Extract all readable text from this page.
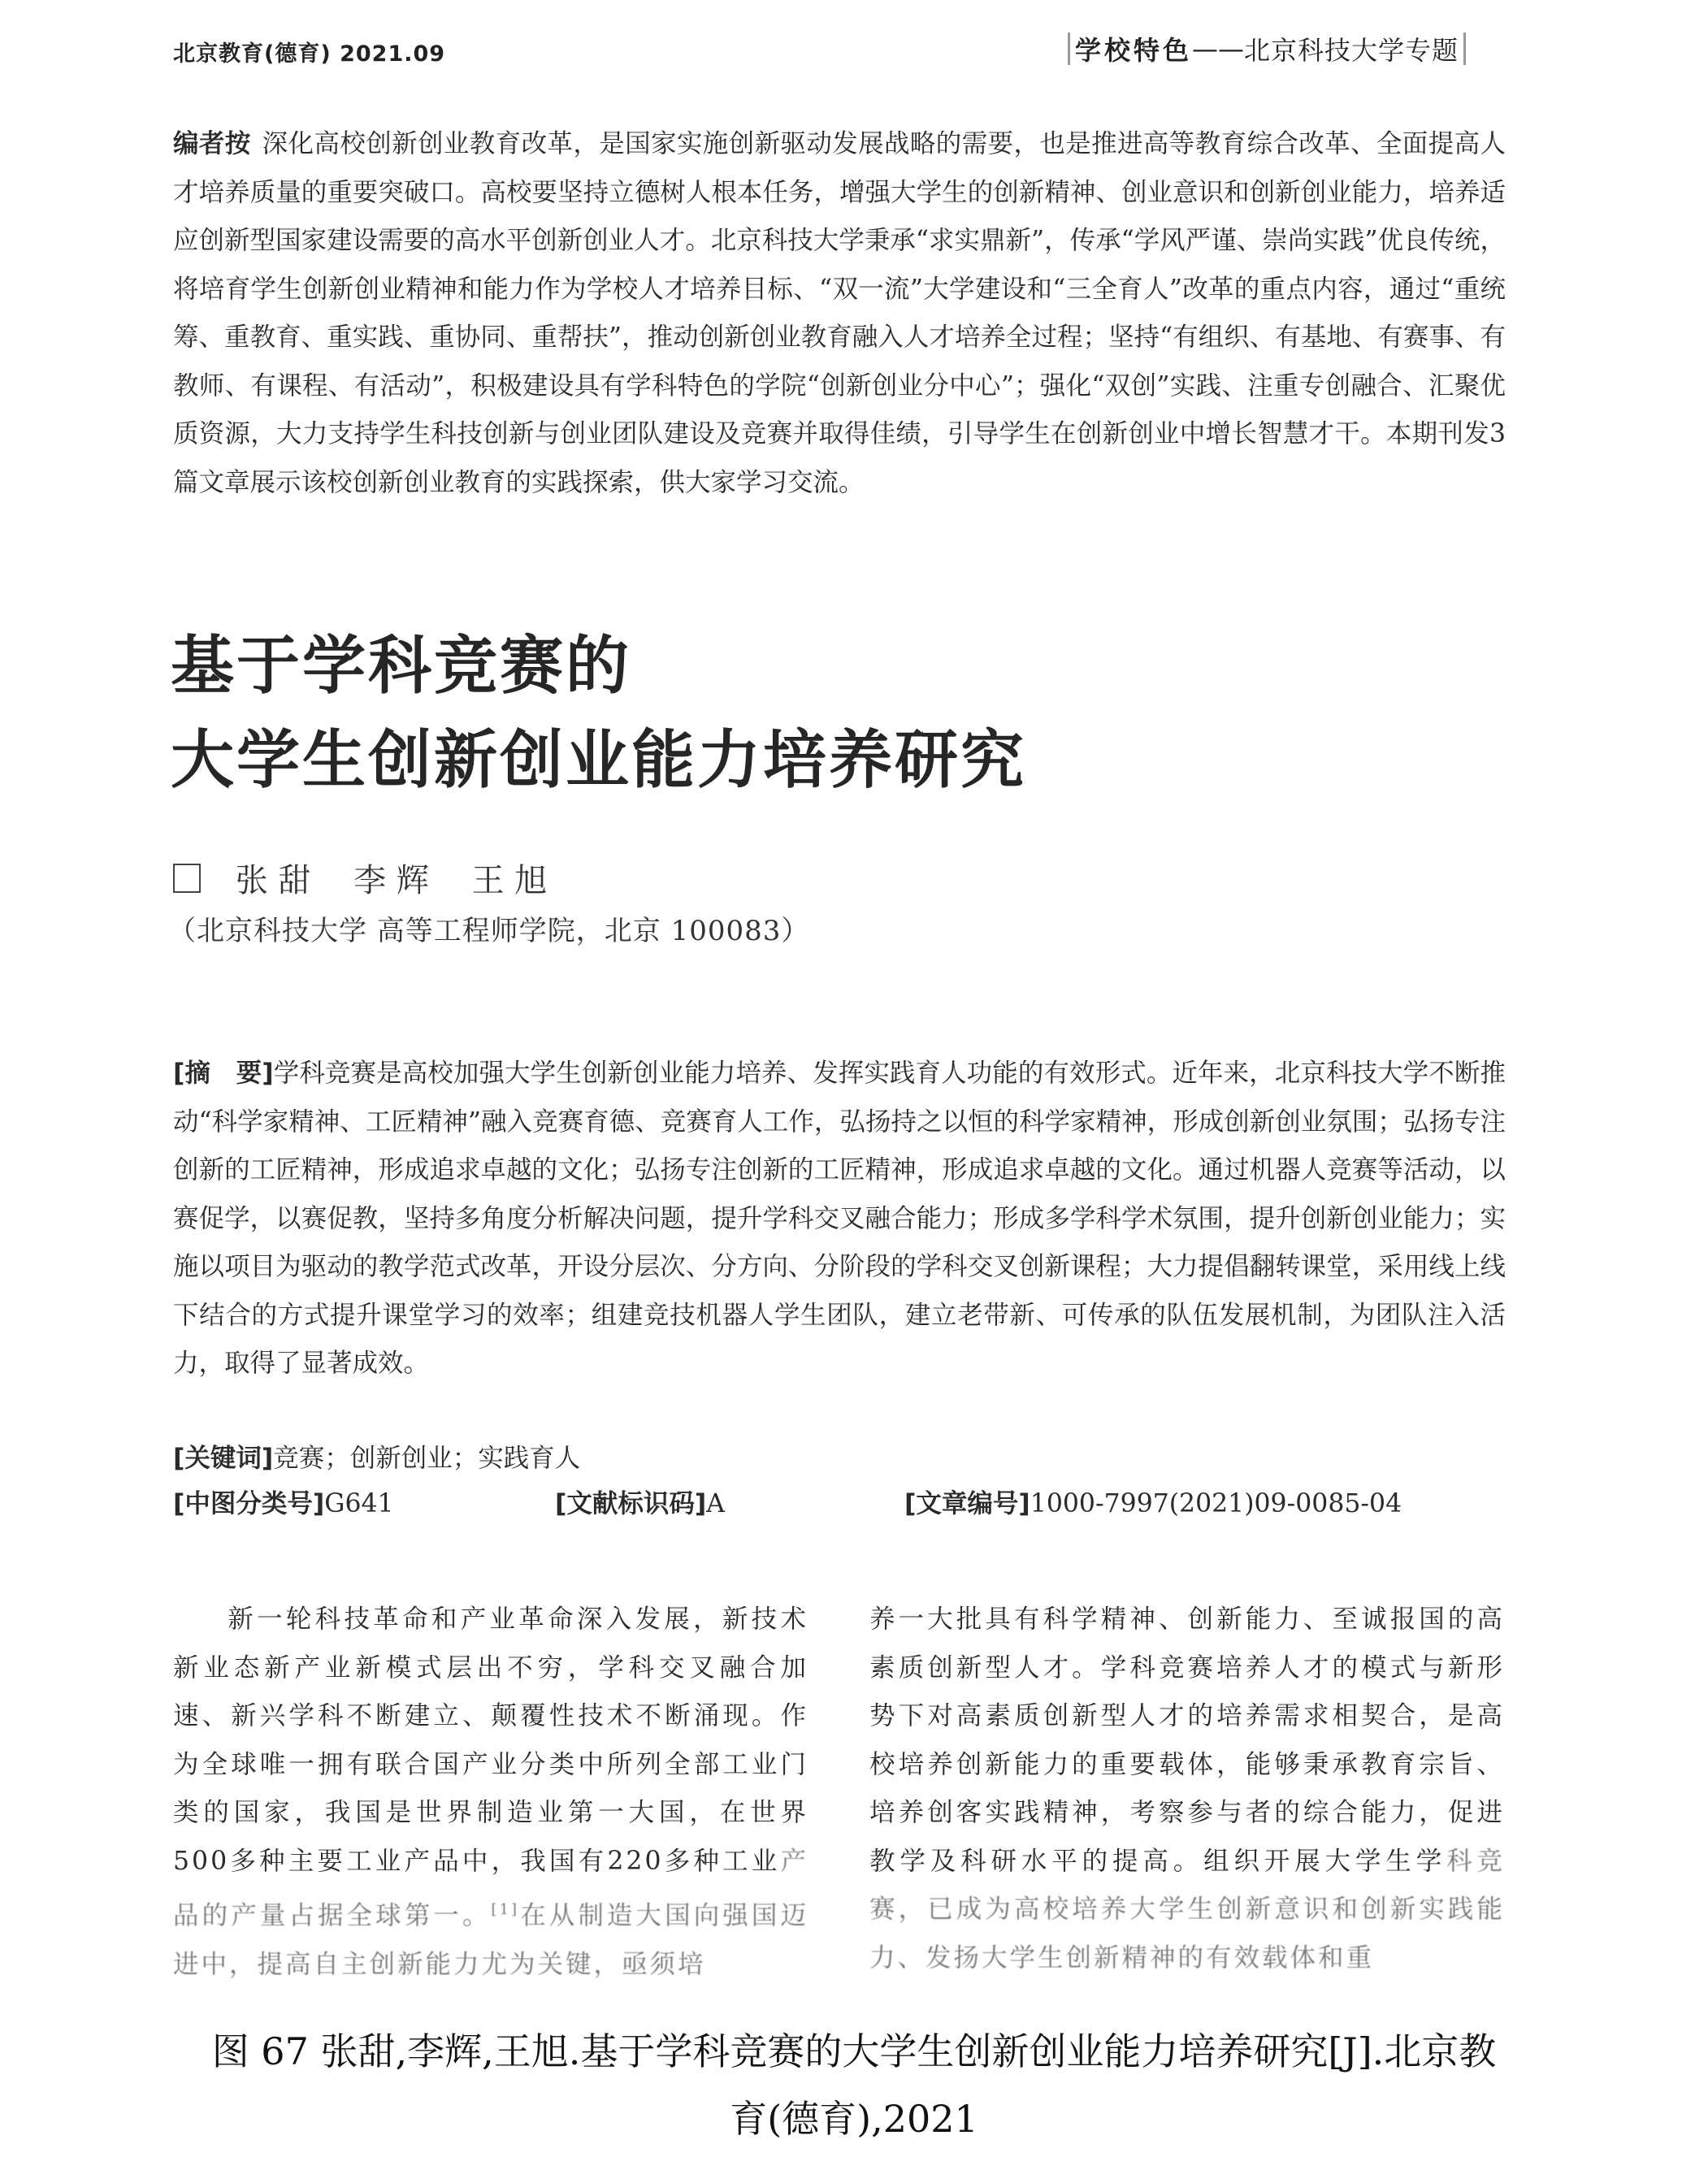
北京教育(德育) 2021.09	学校特色 —— 北京科技大学专题
编者按 深化高校创新创业教育改革，是国家实施创新驱动发展战略的需要，也是推进高等教育综合改革、全面提高人才培养质量的重要突破口。高校要坚持立德树人根本任务，增强大学生的创新精神、创业意识和创新创业能力，培养适应创新型国家建设需要的高水平创新创业人才。北京科技大学秉承“求实鼎新”，传承“学风严谨、崇尚实践”优良传统，将培育学生创新创业精神和能力作为学校人才培养目标、“双一流”大学建设和“三全育人”改革的重点内容，通过“重统筹、重教育、重实践、重协同、重帮扶”，推动创新创业教育融入人才培养全过程；坚持“有组织、有基地、有赛事、有教师、有课程、有活动”，积极建设具有学科特色的学院“创新创业分中心”；强化“双创”实践、注重专创融合、汇聚优质资源，大力支持学生科技创新与创业团队建设及竞赛并取得佳绩，引导学生在创新创业中增长智慧才干。本期刊发3篇文章展示该校创新创业教育的实践探索，供大家学习交流。
基于学科竞赛的
大学生创新创业能力培养研究
张 甜 李 辉 王 旭
（北京科技大学 高等工程师学院，北京 100083）
[摘　要]学科竞赛是高校加强大学生创新创业能力培养、发挥实践育人功能的有效形式。近年来，北京科技大学不断推动“科学家精神、工匠精神”融入竞赛育德、竞赛育人工作，弘扬持之以恒的科学家精神，形成创新创业氛围；弘扬专注创新的工匠精神，形成追求卓越的文化；弘扬专注创新的工匠精神，形成追求卓越的文化。通过机器人竞赛等活动，以赛促学，以赛促教，坚持多角度分析解决问题，提升学科交叉融合能力；形成多学科学术氛围，提升创新创业能力；实施以项目为驱动的教学范式改革，开设分层次、分方向、分阶段的学科交叉创新课程；大力提倡翻转课堂，采用线上线下结合的方式提升课堂学习的效率；组建竞技机器人学生团队，建立老带新、可传承的队伍发展机制，为团队注入活力，取得了显著成效。
[关键词]竞赛；创新创业；实践育人
[中图分类号]G641	[文献标识码]A	[文章编号]1000-7997(2021)09-0085-04
新一轮科技革命和产业革命深入发展，新技术新业态新产业新模式层出不穷，学科交叉融合加速、新兴学科不断建立、颠覆性技术不断涌现。作为全球唯一拥有联合国产业分类中所列全部工业门类的国家，我国是世界制造业第一大国，在世界500多种主要工业产品中，我国有220多种工业产品的产量占据全球第一。[1]在从制造大国向强国迈进中，提高自主创新能力尤为关键，亟须培
养一大批具有科学精神、创新能力、至诚报国的高素质创新型人才。学科竞赛培养人才的模式与新形势下对高素质创新型人才的培养需求相契合，是高校培养创新能力的重要载体，能够秉承教育宗旨、培养创客实践精神，考察参与者的综合能力，促进教学及科研水平的提高。组织开展大学生学科竞赛，已成为高校培养大学生创新意识和创新实践能力、发扬大学生创新精神的有效载体和重
图 67 张甜,李辉,王旭.基于学科竞赛的大学生创新创业能力培养研究[J].北京教
育(德育),2021
